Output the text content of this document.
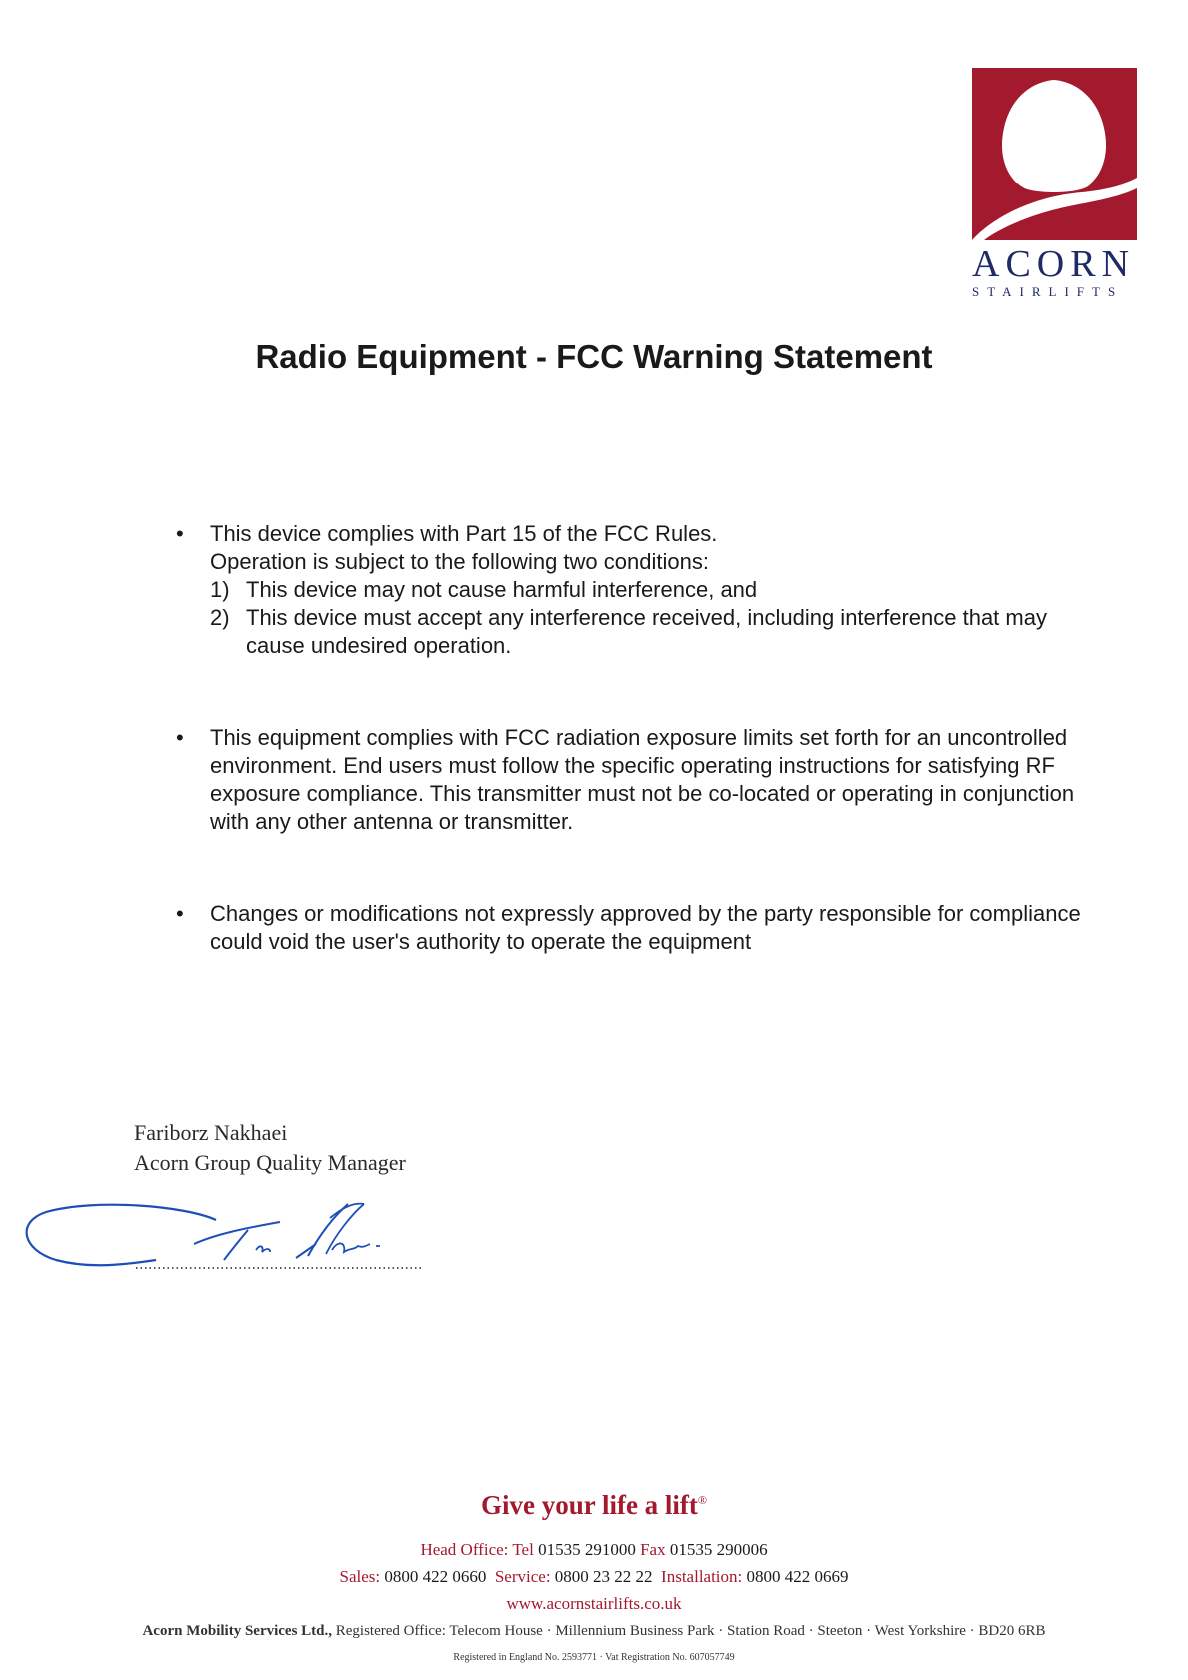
ACORN
STAIRLIFTS
Radio Equipment - FCC Warning Statement
• This device complies with Part 15 of the FCC Rules.
Operation is subject to the following two conditions:
1) This device may not cause harmful interference, and
2) This device must accept any interference received, including interference that may cause undesired operation.
• This equipment complies with FCC radiation exposure limits set forth for an uncontrolled environment. End users must follow the specific operating instructions for satisfying RF exposure compliance. This transmitter must not be co-located or operating in conjunction with any other antenna or transmitter.
• Changes or modifications not expressly approved by the party responsible for compliance could void the user's authority to operate the equipment
Fariborz Nakhaei
Acorn Group Quality Manager
Give your life a lift®
Head Office: Tel 01535 291000 Fax 01535 290006
Sales: 0800 422 0660 Service: 0800 23 22 22 Installation: 0800 422 0669
www.acornstairlifts.co.uk
Acorn Mobility Services Ltd., Registered Office: Telecom House · Millennium Business Park · Station Road · Steeton · West Yorkshire · BD20 6RB
Registered in England No. 2593771 · Vat Registration No. 607057749
